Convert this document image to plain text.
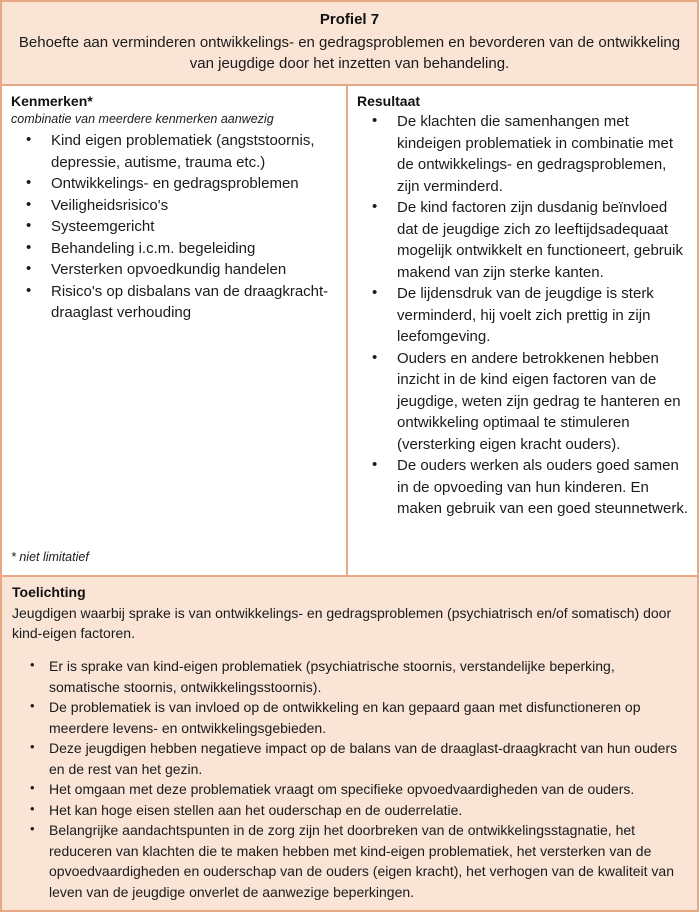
Profiel 7
Behoefte aan verminderen ontwikkelings- en gedragsproblemen en bevorderen van de ontwikkeling van jeugdige door het inzetten van behandeling.
Kenmerken*
combinatie van meerdere kenmerken aanwezig
• Kind eigen problematiek (angststoornis, depressie, autisme, trauma etc.)
• Ontwikkelings- en gedragsproblemen
• Veiligheidsrisico's
• Systeemgericht
• Behandeling i.c.m. begeleiding
• Versterken opvoedkundig handelen
• Risico's op disbalans van de draagkracht-draaglast verhouding
* niet limitatief
Resultaat
• De klachten die samenhangen met kindeigen problematiek in combinatie met de ontwikkelings- en gedragsproblemen, zijn verminderd.
• De kind factoren zijn dusdanig beïnvloed dat de jeugdige zich zo leeftijdsadequaat mogelijk ontwikkelt en functioneert, gebruik makend van zijn sterke kanten.
• De lijdensdruk van de jeugdige is sterk verminderd, hij voelt zich prettig in zijn leefomgeving.
• Ouders en andere betrokkenen hebben inzicht in de kind eigen factoren van de jeugdige, weten zijn gedrag te hanteren en ontwikkeling optimaal te stimuleren (versterking eigen kracht ouders).
• De ouders werken als ouders goed samen in de opvoeding van hun kinderen. En maken gebruik van een goed steunnetwerk.
Toelichting
Jeugdigen waarbij sprake is van ontwikkelings- en gedragsproblemen (psychiatrisch en/of somatisch) door kind-eigen factoren.
• Er is sprake van kind-eigen problematiek (psychiatrische stoornis, verstandelijke beperking, somatische stoornis, ontwikkelingsstoornis).
• De problematiek is van invloed op de ontwikkeling en kan gepaard gaan met disfunctioneren op meerdere levens- en ontwikkelingsgebieden.
• Deze jeugdigen hebben negatieve impact op de balans van de draaglast-draagkracht van hun ouders en de rest van het gezin.
• Het omgaan met deze problematiek vraagt om specifieke opvoedvaardigheden van de ouders.
• Het kan hoge eisen stellen aan het ouderschap en de ouderrelatie.
• Belangrijke aandachtspunten in de zorg zijn het doorbreken van de ontwikkelingsstagnatie, het reduceren van klachten die te maken hebben met kind-eigen problematiek, het versterken van de opvoedvaardigheden en ouderschap van de ouders (eigen kracht), het verhogen van de kwaliteit van leven van de jeugdige onverlet de aanwezige beperkingen.
